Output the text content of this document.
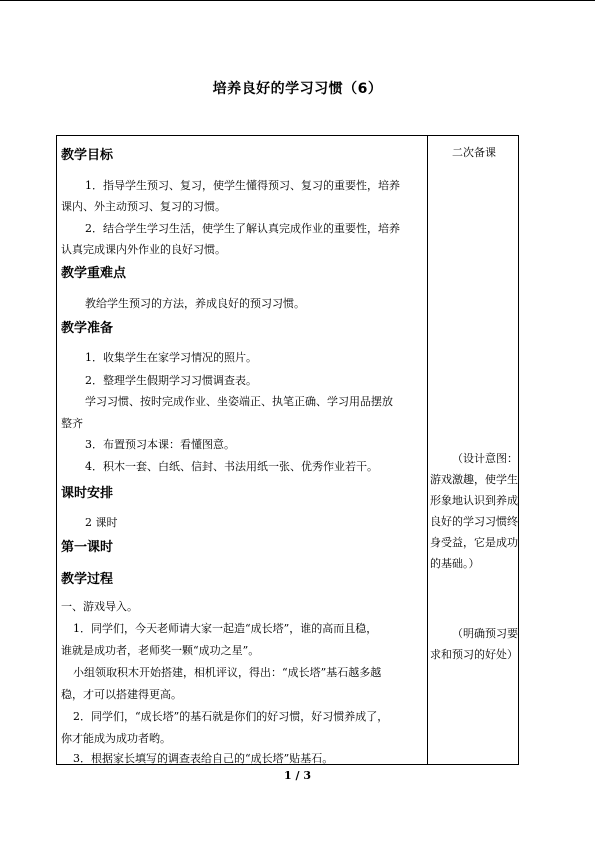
培养良好的学习习惯（6）
教学目标
1．指导学生预习、复习，使学生懂得预习、复习的重要性，培养
课内、外主动预习、复习的习惯。
2．结合学生学习生活，使学生了解认真完成作业的重要性，培养
认真完成课内外作业的良好习惯。
教学重难点
教给学生预习的方法，养成良好的预习习惯。
教学准备
1．收集学生在家学习情况的照片。
2．整理学生假期学习习惯调查表。
学习习惯、按时完成作业、坐姿端正、执笔正确、学习用品摆放
整齐
3．布置预习本课：看懂图意。
4．积木一套、白纸、信封、书法用纸一张、优秀作业若干。
课时安排
2 课时
第一课时
教学过程
一、游戏导入。
1．同学们，今天老师请大家一起造“成长塔”，谁的高而且稳，
谁就是成功者，老师奖一颗“成功之星”。
小组领取积木开始搭建，相机评议，得出：“成长塔”基石越多越
稳，才可以搭建得更高。
2．同学们，“成长塔”的基石就是你们的好习惯，好习惯养成了，
你才能成为成功者哟。
3．根据家长填写的调查表给自己的“成长塔”贴基石。
二次备课
（设计意图：游戏激趣，使学生形象地认识到养成良好的学习习惯终身受益，它是成功的基础。）
（明确预习要求和预习的好处）
1 / 3
